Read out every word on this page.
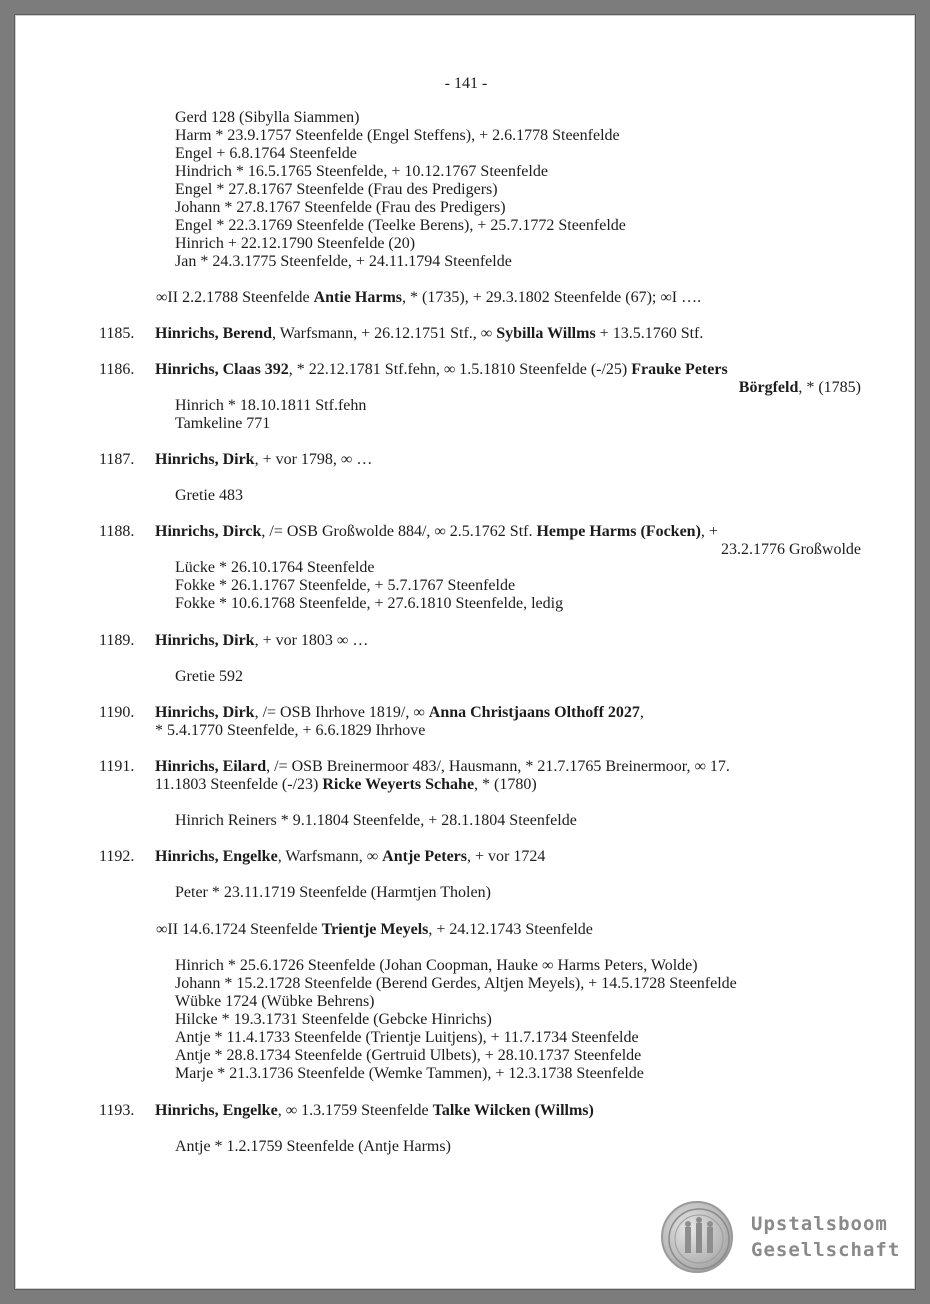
- 141 -
Gerd 128 (Sibylla Siammen)
Harm * 23.9.1757 Steenfelde (Engel Steffens), + 2.6.1778 Steenfelde
Engel + 6.8.1764 Steenfelde
Hindrich * 16.5.1765 Steenfelde, + 10.12.1767 Steenfelde
Engel * 27.8.1767 Steenfelde (Frau des Predigers)
Johann * 27.8.1767 Steenfelde (Frau des Predigers)
Engel * 22.3.1769 Steenfelde (Teelke Berens), + 25.7.1772 Steenfelde
Hinrich + 22.12.1790 Steenfelde (20)
Jan * 24.3.1775 Steenfelde, + 24.11.1794 Steenfelde
∞II 2.2.1788 Steenfelde Antie Harms, * (1735), + 29.3.1802 Steenfelde (67); ∞I ….
1185. Hinrichs, Berend, Warfsmann, + 26.12.1751 Stf., ∞ Sybilla Willms + 13.5.1760 Stf.
1186. Hinrichs, Claas 392, * 22.12.1781 Stf.fehn, ∞ 1.5.1810 Steenfelde (-/25) Frauke Peters
Börgfeld, * (1785)
Hinrich * 18.10.1811 Stf.fehn
Tamkeline 771
1187. Hinrichs, Dirk, + vor 1798, ∞ …
Gretie 483
1188. Hinrichs, Dirck, /= OSB Großwolde 884/, ∞ 2.5.1762 Stf. Hempe Harms (Focken), +
23.2.1776 Großwolde
Lücke * 26.10.1764 Steenfelde
Fokke * 26.1.1767 Steenfelde, + 5.7.1767 Steenfelde
Fokke * 10.6.1768 Steenfelde, + 27.6.1810 Steenfelde, ledig
1189. Hinrichs, Dirk, + vor 1803 ∞ …
Gretie 592
1190. Hinrichs, Dirk, /= OSB Ihrhove 1819/, ∞ Anna Christjaans Olthoff 2027,
* 5.4.1770 Steenfelde, + 6.6.1829 Ihrhove
1191. Hinrichs, Eilard, /= OSB Breinermoor 483/, Hausmann, * 21.7.1765 Breinermoor, ∞ 17.
11.1803 Steenfelde (-/23) Ricke Weyerts Schahe, * (1780)
Hinrich Reiners * 9.1.1804 Steenfelde, + 28.1.1804 Steenfelde
1192. Hinrichs, Engelke, Warfsmann, ∞ Antje Peters, + vor 1724
Peter * 23.11.1719 Steenfelde (Harmtjen Tholen)
∞II 14.6.1724 Steenfelde Trientje Meyels, + 24.12.1743 Steenfelde
Hinrich * 25.6.1726 Steenfelde (Johan Coopman, Hauke ∞ Harms Peters, Wolde)
Johann * 15.2.1728 Steenfelde (Berend Gerdes, Altjen Meyels), + 14.5.1728 Steenfelde
Wübke 1724 (Wübke Behrens)
Hilcke * 19.3.1731 Steenfelde (Gebcke Hinrichs)
Antje * 11.4.1733 Steenfelde (Trientje Luitjens), + 11.7.1734 Steenfelde
Antje * 28.8.1734 Steenfelde (Gertruid Ulbets), + 28.10.1737 Steenfelde
Marje * 21.3.1736 Steenfelde (Wemke Tammen), + 12.3.1738 Steenfelde
1193. Hinrichs, Engelke, ∞ 1.3.1759 Steenfelde Talke Wilcken (Willms)
Antje * 1.2.1759 Steenfelde (Antje Harms)
Upstalsboom
Gesellschaft
